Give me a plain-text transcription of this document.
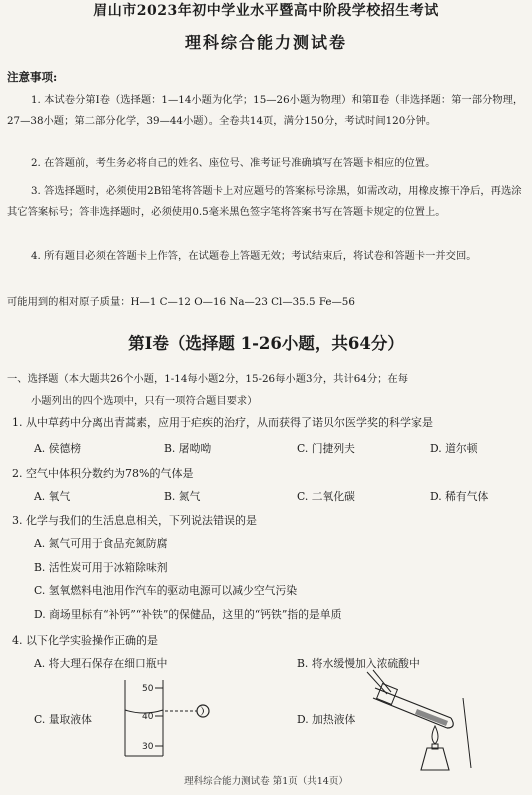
眉山市2023年初中学业水平暨高中阶段学校招生考试
理科综合能力测试卷
注意事项:
1. 本试卷分第Ⅰ卷（选择题：1—14小题为化学；15—26小题为物理）和第Ⅱ卷（非选择题：第一部分物理，27—38小题；第二部分化学，39—44小题）。全卷共14页，满分150分，考试时间120分钟。
2. 在答题前，考生务必将自己的姓名、座位号、准考证号准确填写在答题卡相应的位置。
3. 答选择题时，必须使用2B铅笔将答题卡上对应题号的答案标号涂黑，如需改动，用橡皮擦干净后，再选涂其它答案标号；答非选择题时，必须使用0.5毫米黑色签字笔将答案书写在答题卡规定的位置上。
4. 所有题目必须在答题卡上作答，在试题卷上答题无效；考试结束后，将试卷和答题卡一并交回。
可能用到的相对原子质量：H—1 C—12 O—16 Na—23 Cl—35.5 Fe—56
第Ⅰ卷（选择题 1-26小题，共64分）
一、选择题（本大题共26个小题，1-14每小题2分，15-26每小题3分，共计64分；在每
小题列出的四个选项中，只有一项符合题目要求）
1. 从中草药中分离出青蒿素，应用于疟疾的治疗，从而获得了诺贝尔医学奖的科学家是
A. 侯德榜	B. 屠呦呦	C. 门捷列夫	D. 道尔顿
2. 空气中体积分数约为78%的气体是
A. 氧气	B. 氮气	C. 二氧化碳	D. 稀有气体
3. 化学与我们的生活息息相关，下列说法错误的是
A. 氮气可用于食品充氮防腐
B. 活性炭可用于冰箱除味剂
C. 氢氧燃料电池用作汽车的驱动电源可以减少空气污染
D. 商场里标有“补钙”“补铁”的保健品，这里的“钙铁”指的是单质
4. 以下化学实验操作正确的是
A. 将大理石保存在细口瓶中	B. 将水缓慢加入浓硫酸中
C. 量取液体	D. 加热液体
50
40
30
理科综合能力测试卷 第1页（共14页）
